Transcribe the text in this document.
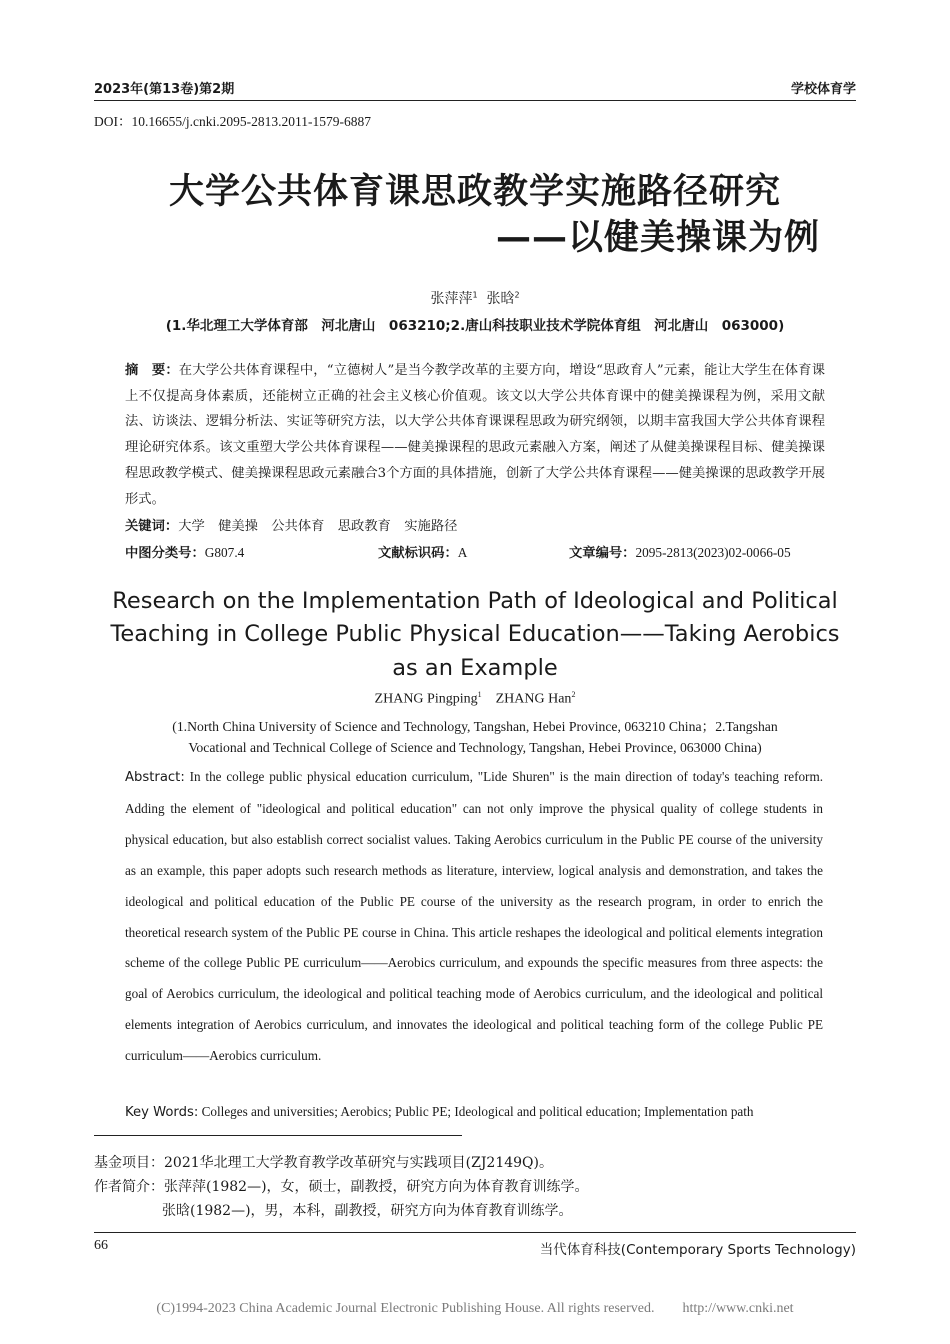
2023年(第13卷)第2期	学校体育学
DOI：10.16655/j.cnki.2095-2813.2011-1579-6887
大学公共体育课思政教学实施路径研究
——以健美操课为例
张萍萍$^1$ 张晗$^2$
(1.华北理工大学体育部　河北唐山　063210;2.唐山科技职业技术学院体育组　河北唐山　063000)
摘　要：在大学公共体育课程中，“立德树人”是当今教学改革的主要方向，增设“思政育人”元素，能让大学生在体育课上不仅提高身体素质，还能树立正确的社会主义核心价值观。该文以大学公共体育课中的健美操课程为例，采用文献法、访谈法、逻辑分析法、实证等研究方法，以大学公共体育课课程思政为研究纲领，以期丰富我国大学公共体育课程理论研究体系。该文重塑大学公共体育课程——健美操课程的思政元素融入方案，阐述了从健美操课程目标、健美操课程思政教学模式、健美操课程思政元素融合3个方面的具体措施，创新了大学公共体育课程——健美操课的思政教学开展形式。
关键词：大学　健美操　公共体育　思政教育　实施路径
中图分类号：G807.4	文献标识码：A	文章编号：2095-2813(2023)02-0066-05
Research on the Implementation Path of Ideological and Political
Teaching in College Public Physical Education——Taking Aerobics
as an Example
ZHANG Pingping$^1$ ZHANG Han$^2$
(1.North China University of Science and Technology, Tangshan, Hebei Province, 063210 China；2.Tangshan
Vocational and Technical College of Science and Technology, Tangshan, Hebei Province, 063000 China)
Abstract: In the college public physical education curriculum, "Lide Shuren" is the main direction of today's teaching reform. Adding the element of "ideological and political education" can not only improve the physical quality of college students in physical education, but also establish correct socialist values. Taking Aerobics curriculum in the Public PE course of the university as an example, this paper adopts such research methods as literature, interview, logical analysis and demonstration, and takes the ideological and political education of the Public PE course of the university as the research program, in order to enrich the theoretical research system of the Public PE course in China. This article reshapes the ideological and political elements integration scheme of the college Public PE curriculum——Aerobics curriculum, and expounds the specific measures from three aspects: the goal of Aerobics curriculum, the ideological and political teaching mode of Aerobics curriculum, and the ideological and political elements integration of Aerobics curriculum, and innovates the ideological and political teaching form of the college Public PE curriculum——Aerobics curriculum.
Key Words: Colleges and universities; Aerobics; Public PE; Ideological and political education; Implementation path
基金项目：2021华北理工大学教育教学改革研究与实践项目(ZJ2149Q)。
作者简介：张萍萍(1982—)，女，硕士，副教授，研究方向为体育教育训练学。
张晗(1982—)，男，本科，副教授，研究方向为体育教育训练学。
66	当代体育科技(Contemporary Sports Technology)
(C)1994-2023 China Academic Journal Electronic Publishing House. All rights reserved.　　http://www.cnki.net
